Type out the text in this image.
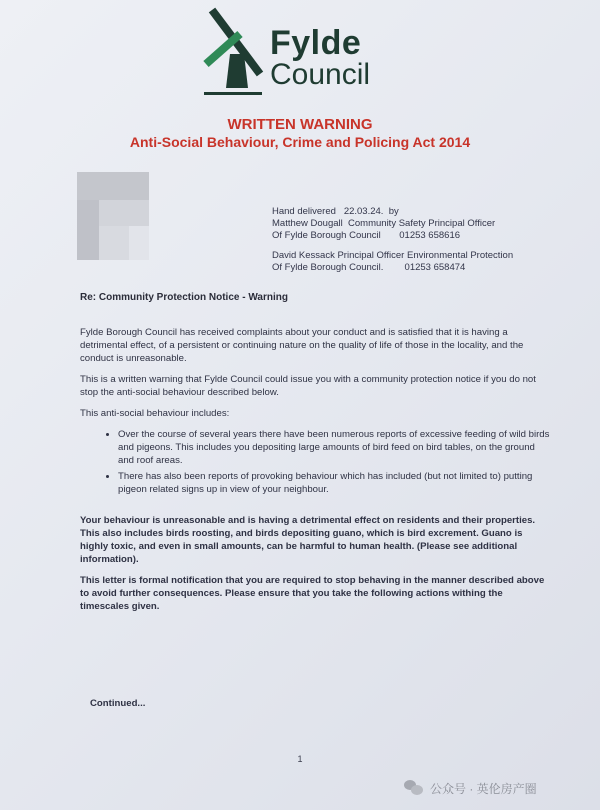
Fylde
Council
WRITTEN WARNING
Anti-Social Behaviour, Crime and Policing Act 2014

Hand delivered   22.03.24.  by

Matthew Dougall  Community Safety Principal Officer

Of Fylde Borough Council       01253 658616

David Kessack Principal Officer Environmental Protection

Of Fylde Borough Council.        01253 658474

Re: Community Protection Notice - Warning

Fylde Borough Council has received complaints about your conduct and is satisfied that it is having a detrimental effect, of a persistent or continuing nature on the quality of life of those in the locality, and the conduct is unreasonable.

This is a written warning that Fylde Council could issue you with a community protection notice if you do not stop the anti-social behaviour described below.

This anti-social behaviour includes:

• Over the course of several years there have been numerous reports of excessive feeding of wild birds and pigeons. This includes you depositing large amounts of bird feed on bird tables, on the ground and roof areas.
• There has also been reports of provoking behaviour which has included (but not limited to) putting pigeon related signs up in view of your neighbour.

Your behaviour is unreasonable and is having a detrimental effect on residents and their properties. This also includes birds roosting, and birds depositing guano, which is bird excrement. Guano is highly toxic, and even in small amounts, can be harmful to human health. (Please see additional information).

This letter is formal notification that you are required to stop behaving in the manner described above to avoid further consequences. Please ensure that you take the following actions withing the timescales given.

Continued...
1
公众号 · 英伦房产圈
